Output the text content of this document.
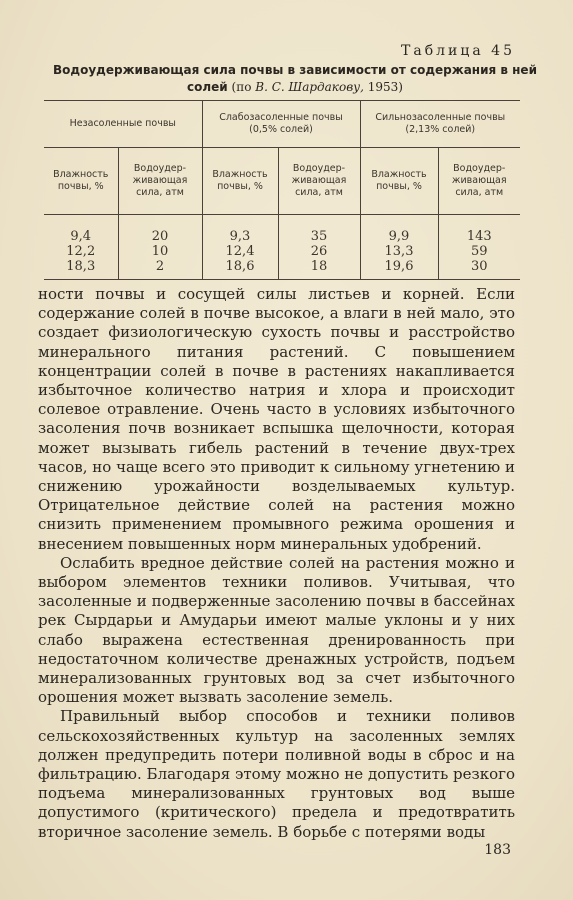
Таблица 45
Водоудерживающая сила почвы в зависимости от содержания в ней солей (по В. С. Шардакову, 1953)
Незасоленные почвы		Слабозасоленные почвы (0,5% солей)		Сильнозасоленные почвы (2,13% солей)	
Влажность почвы, %	Водоудер-живающая сила, атм	Влажность почвы, %	Водоудер-живающая сила, атм	Влажность почвы, %	Водоудер-живающая сила, атм
9,4	20	9,3	35	9,9	143
12,2	10	12,4	26	13,3	59
18,3	2	18,6	18	19,6	30

ности почвы и сосущей силы листьев и корней. Если содержание солей в почве высокое, а влаги в ней мало, это создает физиологическую сухость почвы и расстройство минерального питания растений. С повышением концентрации солей в почве в растениях накапливается избыточное количество натрия и хлора и происходит солевое отравление. Очень часто в условиях избыточного засоления почв возникает вспышка щелочности, которая может вызывать гибель растений в течение двух-трех часов, но чаще всего это приводит к сильному угнетению и снижению урожайности возделываемых культур. Отрицательное действие солей на растения можно снизить применением промывного режима орошения и внесением повышенных норм минеральных удобрений.

Ослабить вредное действие солей на растения можно и выбором элементов техники поливов. Учитывая, что засоленные и подверженные засолению почвы в бассейнах рек Сырдарьи и Амударьи имеют малые уклоны и у них слабо выражена естественная дренированность при недостаточном количестве дренажных устройств, подъем минерализованных грунтовых вод за счет избыточного орошения может вызвать засоление земель.

Правильный выбор способов и техники поливов сельскохозяйственных культур на засоленных землях должен предупредить потери поливной воды в сброс и на фильтрацию. Благодаря этому можно не допустить резкого подъема минерализованных грунтовых вод выше допустимого (критического) предела и предотвратить вторичное засоление земель. В борьбе с потерями воды

183
